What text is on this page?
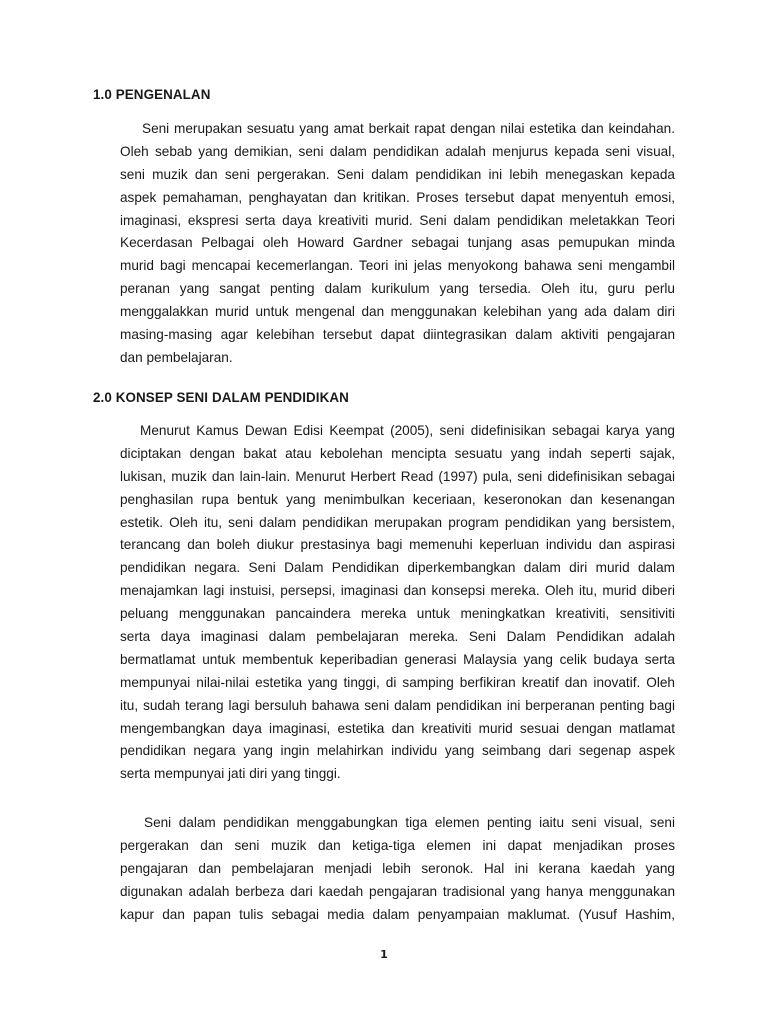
1.0 PENGENALAN
Seni merupakan sesuatu yang amat berkait rapat dengan nilai estetika dan keindahan.
Oleh sebab yang demikian, seni dalam pendidikan adalah menjurus kepada seni visual,
seni muzik dan seni pergerakan. Seni dalam pendidikan ini lebih menegaskan kepada
aspek pemahaman, penghayatan dan kritikan. Proses tersebut dapat menyentuh emosi,
imaginasi, ekspresi serta daya kreativiti murid. Seni dalam pendidikan meletakkan Teori
Kecerdasan Pelbagai oleh Howard Gardner sebagai tunjang asas pemupukan minda
murid bagi mencapai kecemerlangan. Teori ini jelas menyokong bahawa seni mengambil
peranan yang sangat penting dalam kurikulum yang tersedia. Oleh itu, guru perlu
menggalakkan murid untuk mengenal dan menggunakan kelebihan yang ada dalam diri
masing-masing agar kelebihan tersebut dapat diintegrasikan dalam aktiviti pengajaran
dan pembelajaran.
2.0 KONSEP SENI DALAM PENDIDIKAN
Menurut Kamus Dewan Edisi Keempat (2005), seni didefinisikan sebagai karya yang
diciptakan dengan bakat atau kebolehan mencipta sesuatu yang indah seperti sajak,
lukisan, muzik dan lain-lain. Menurut Herbert Read (1997) pula, seni didefinisikan sebagai
penghasilan rupa bentuk yang menimbulkan keceriaan, keseronokan dan kesenangan
estetik. Oleh itu, seni dalam pendidikan merupakan program pendidikan yang bersistem,
terancang dan boleh diukur prestasinya bagi memenuhi keperluan individu dan aspirasi
pendidikan negara. Seni Dalam Pendidikan diperkembangkan dalam diri murid dalam
menajamkan lagi instuisi, persepsi, imaginasi dan konsepsi mereka. Oleh itu, murid diberi
peluang menggunakan pancaindera mereka untuk meningkatkan kreativiti, sensitiviti
serta daya imaginasi dalam pembelajaran mereka. Seni Dalam Pendidikan adalah
bermatlamat untuk membentuk keperibadian generasi Malaysia yang celik budaya serta
mempunyai nilai-nilai estetika yang tinggi, di samping berfikiran kreatif dan inovatif. Oleh
itu, sudah terang lagi bersuluh bahawa seni dalam pendidikan ini berperanan penting bagi
mengembangkan daya imaginasi, estetika dan kreativiti murid sesuai dengan matlamat
pendidikan negara yang ingin melahirkan individu yang seimbang dari segenap aspek
serta mempunyai jati diri yang tinggi.
Seni dalam pendidikan menggabungkan tiga elemen penting iaitu seni visual, seni
pergerakan dan seni muzik dan ketiga-tiga elemen ini dapat menjadikan proses
pengajaran dan pembelajaran menjadi lebih seronok. Hal ini kerana kaedah yang
digunakan adalah berbeza dari kaedah pengajaran tradisional yang hanya menggunakan
kapur dan papan tulis sebagai media dalam penyampaian maklumat. (Yusuf Hashim,
1
